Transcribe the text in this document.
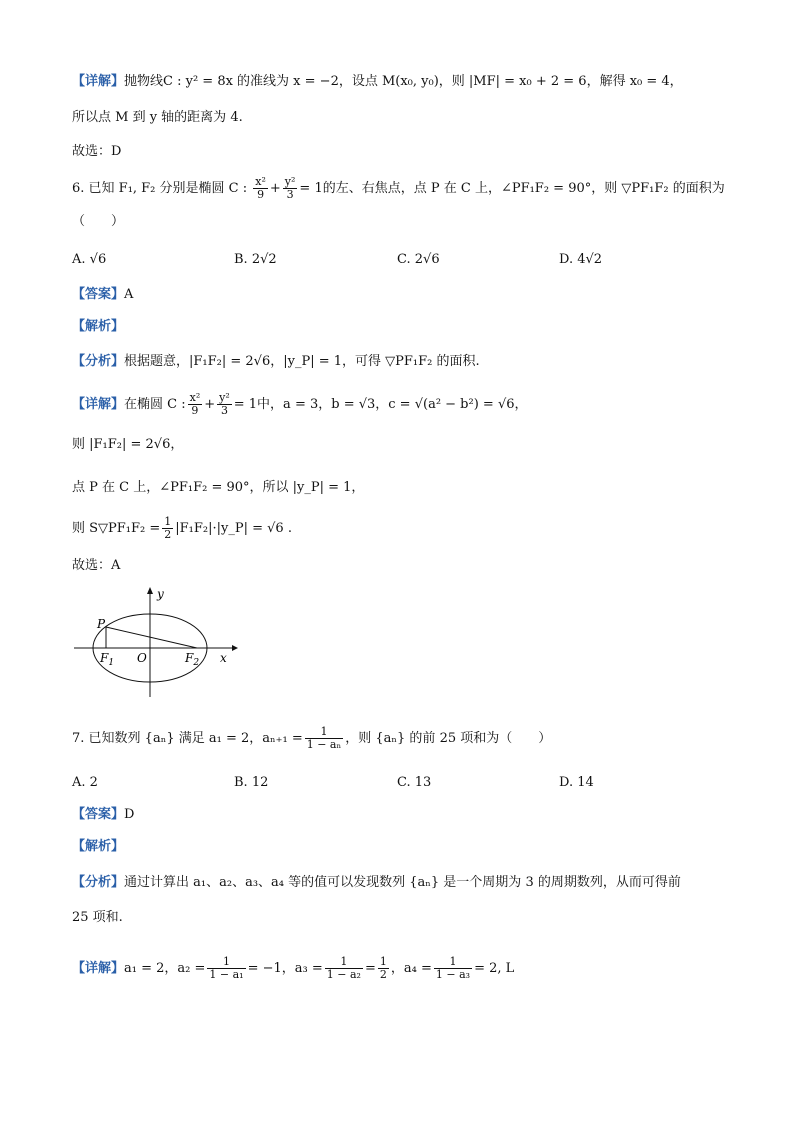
【详解】抛物线C : y² = 8x 的准线为 x = −2，设点 M(x₀, y₀)，则 |MF| = x₀ + 2 = 6，解得 x₀ = 4，
所以点 M 到 y 轴的距离为 4.
故选：D
6. 已知 F₁, F₂ 分别是椭圆 C : $\frac{\text{x²}}{9} + \frac{\text{y²}}{3} = 1$的左、右焦点，点 P 在 C 上，∠PF₁F₂ = 90°，则 ▽PF₁F₂ 的面积为
（　　）
A. √6	B. 2√2	C. 2√6	D. 4√2
【答案】A
【解析】
【分析】根据题意，|F₁F₂| = 2√6，|y_P| = 1，可得 ▽PF₁F₂ 的面积.
【详解】在椭圆 C : $\frac{\text{x²}}{9} + \frac{\text{y²}}{3} = 1$中，a = 3，b = √3，c = √(a² − b²) = √6，
则 |F₁F₂| = 2√6，
点 P 在 C 上，∠PF₁F₂ = 90°，所以 |y_P| = 1，
则 S▽PF₁F₂ = $\frac{1}{2}$ |F₁F₂|·|y_P| = √6 .
故选：A
y
x
P
$F_1$ O	$F_2$
7. 已知数列 {aₙ} 满足 a₁ = 2，$a_{n+1} = \frac{1}{\text{1 − aₙ}}$ ，则 {aₙ} 的前 25 项和为（　　）
A. 2	B. 12	C. 13	D. 14
【答案】D
【解析】
【分析】通过计算出 a₁、a₂、a₃、a₄ 等的值可以发现数列 {aₙ} 是一个周期为 3 的周期数列，从而可得前
25 项和.
【详解】a₁ = 2，$a_2 = \frac{1}{\text{1 − a₁}} = -1$，$a_3 = \frac{1}{\text{1 − a₂}} = \frac{1}{2}$ ，$a_4 = \frac{1}{\text{1 − a₃}} = 2$, L
